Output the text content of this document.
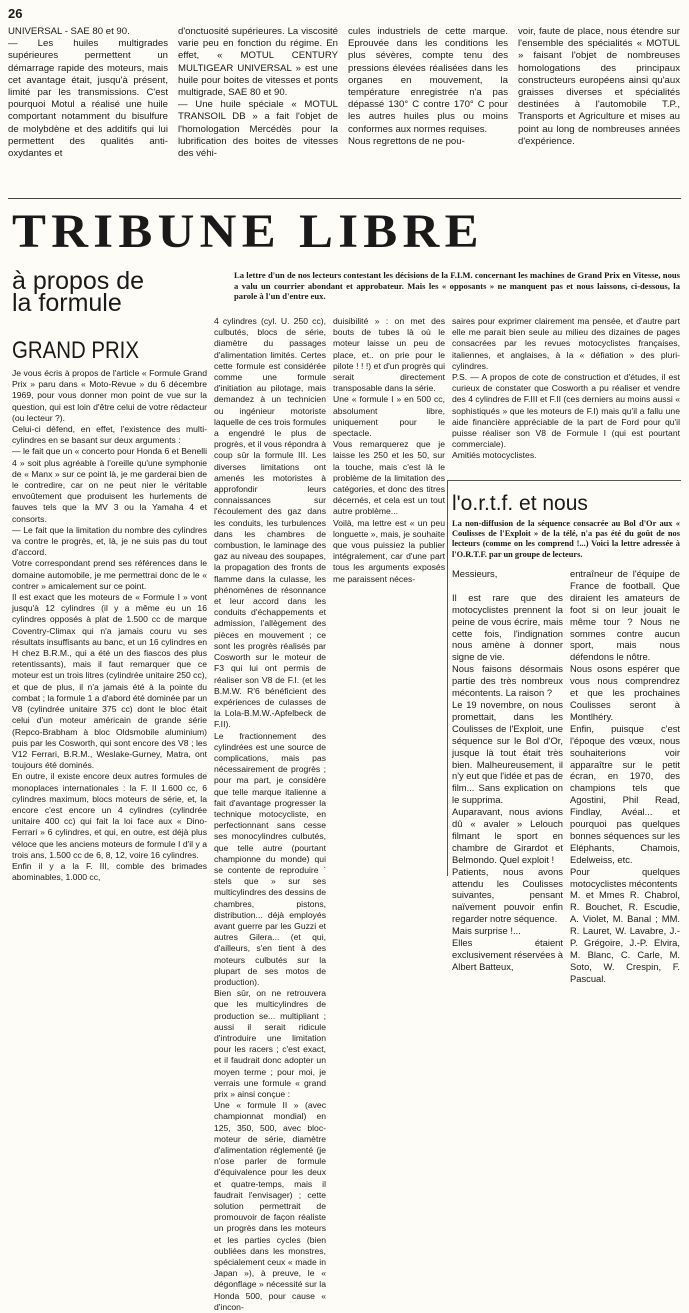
26
UNIVERSAL - SAE 80 et 90.
— Les huiles multigrades supérieures permettent un démarrage rapide des moteurs, mais cet avantage était, jusqu'à présent, limité par les transmissions. C'est pourquoi Motul a réalisé une huile comportant notamment du bisulfure de molybdène et des additifs qui lui permettent des qualités anti-oxydantes et
d'onctuosité supérieures. La viscosité varie peu en fonction du régime. En effet, « MOTUL CENTURY MULTIGEAR UNIVERSAL » est une huile pour boites de vitesses et ponts multigrade, SAE 80 et 90.
— Une huile spéciale « MOTUL TRANSOIL DB » a fait l'objet de l'homologation Mercédès pour la lubrification des boites de vitesses des véhi-
cules industriels de cette marque. Eprouvée dans les conditions les plus sévères, compte tenu des pressions élevées réalisées dans les organes en mouvement, la température enregistrée n'a pas dépassé 130° C contre 170° C pour les autres huiles plus ou moins conformes aux normes requises.
Nous regrettons de ne pou-
voir, faute de place, nous étendre sur l'ensemble des spécialités « MOTUL » faisant l'objet de nombreuses homologations des principaux constructeurs européens ainsi qu'aux graisses diverses et spécialités destinées à l'automobile T.P., Transports et Agriculture et mises au point au long de nombreuses années d'expérience.
TRIBUNE LIBRE
à propos de la formule
GRAND PRIX
La lettre d'un de nos lecteurs contestant les décisions de la F.I.M. concernant les machines de Grand Prix en Vitesse, nous a valu un courrier abondant et approbateur. Mais les « opposants » ne manquent pas et nous laissons, ci-dessous, la parole à l'un d'entre eux.
Je vous écris à propos de l'article « Formule Grand Prix » paru dans « Moto-Revue » du 6 décembre 1969, pour vous donner mon point de vue sur la question, qui est loin d'être celui de votre rédacteur (ou lecteur ?).
Celui-ci défend, en effet, l'existence des multi-cylindres en se basant sur deux arguments :
— le fait que un « concerto pour Honda 6 et Benelli 4 » soit plus agréable à l'oreille qu'une symphonie de « Manx » sur ce point là, je me garderai bien de le contredire, car on ne peut nier le véritable envoûtement que produisent les hurlements de fauves tels que la MV 3 ou la Yamaha 4 et consorts.
— Le fait que la limitation du nombre des cylindres va contre le progrès, et, là, je ne suis pas du tout d'accord.
Votre correspondant prend ses références dans le domaine automobile, je me permettrai donc de le « contrer » amicalement sur ce point.
Il est exact que les moteurs de « Formule I » vont jusqu'à 12 cylindres (il y a même eu un 16 cylindres opposés à plat de 1.500 cc de marque Coventry-Climax qui n'a jamais couru vu ses résultats insuffisants au banc, et un 16 cylindres en H chez B.R.M., qui a été un des fiascos des plus retentissants), mais il faut remarquer que ce moteur est un trois litres (cylindrée unitaire 250 cc), et que de plus, il n'a jamais été à la pointe du combat ; la formule 1 a d'abord été dominée par un V8 (cylindrée unitaire 375 cc) dont le bloc était celui d'un moteur américain de grande série (Repco-Brabham à bloc Oldsmobile aluminium) puis par les Cosworth, qui sont encore des V8 ; les V12 Ferrari, B.R.M., Weslake-Gurney, Matra, ont toujours été dominés.
En outre, il existe encore deux autres formules de monoplaces internationales : la F. II 1.600 cc, 6 cylindres maximum, blocs moteurs de série, et, la encore c'est encore un 4 cylindres (cylindrée unitaire 400 cc) qui fait la loi face aux « Dino-Ferrari » 6 cylindres, et qui, en outre, est déjà plus véloce que les anciens moteurs de formule I d'il y a trois ans, 1.500 cc de 6, 8, 12, voire 16 cylindres.
Enfin il y a la F. III, comble des brimades abominables, 1.000 cc,
4 cylindres (cyl. U. 250 cc), culbutés, blocs de série, diamètre du passages d'alimentation limités. Certes cette formule est considérée comme une formule d'initiation au pilotage, mais demandez à un technicien ou ingénieur motoriste laquelle de ces trois formules a engendré le plus de progrès, et il vous répondra à coup sûr la formule III. Les diverses limitations ont amenés les motoristes à approfondir leurs connaissances sur l'écoulement des gaz dans les conduits, les turbulences dans les chambres de combustion, le laminage des gaz au niveau des soupapes, la propagation des fronts de flamme dans la culasse, les phénomènes de résonnance et leur accord dans les conduits d'échappements et admission, l'allègement des pièces en mouvement ; ce sont les progrès réalisés par Cosworth sur le moteur de F3 qui lui ont permis de réaliser son V8 de F.I. (et les B.M.W. R'6 bénéficient des expériences de culasses de la Lola-B.M.W.-Apfelbeck de F.II).
Le fractionnement des cylindrées est une source de complications, mais pas nécessairement de progrès ; pour ma part, je considère que telle marque italienne a fait d'avantage progresser la technique motocycliste, en perfectionnant sans cesse ses monocylindres culbutés, que telle autre (pourtant championne du monde) qui se contente de reproduire ` stels que » sur ses multicylindres des dessins de chambres, pistons, distribution... déjà employés avant guerre par les Guzzi et autres Gilera... (et qui, d'ailleurs, s'en tient à des moteurs culbutés sur la plupart de ses motos de production).
Bien sûr, on ne retrouvera que les multicylindres de production se... multipliant ; aussi il serait ridicule d'introduire une limitation pour les racers ; c'est exact, et il faudrait donc adopter un moyen terme ; pour moi, je verrais une formule « grand prix » ainsi conçue :
Une « formule II » (avec championnat mondial) en 125, 350, 500, avec bloc-moteur de série, diamètre d'alimentation réglementé (je n'ose parler de formule d'équivalence pour les deux et quatre-temps, mais il faudrait l'envisager) ; cette solution permettrait de promouvoir de façon réaliste un progrès dans les moteurs et les parties cycles (bien oubliées dans les monstres, spécialement ceux « made in Japan »), à preuve, le « dégonflage » nécessité sur la Honda 500, pour cause « d'incon-
duisibilité » : on met des bouts de tubes là où le moteur laisse un peu de place, et.. on prie pour le pilote ! ! !) et d'un progrès qui serait directement transposable dans la série.
Une « formule I » en 500 cc, absolument libre, uniquement pour le spectacle.
Vous remarquerez que je laisse les 250 et les 50, sur la touche, mais c'est là le problème de la limitation des catégories, et donc des titres décernés, et cela est un tout autre problème...
Voilà, ma lettre est « un peu longuette », mais, je souhaite que vous puissiez la publier intégralement, car d'une part tous les arguments exposés me paraissent néces-
saires pour exprimer clairement ma pensée, et d'autre part elle me parait bien seule au milieu des dizaines de pages consacrées par les revues motocyclistes françaises, italiennes, et anglaises, à la « défiation » des pluri-cylindres.
P.S. — A propos de cote de construction et d'études, il est curieux de constater que Cosworth a pu réaliser et vendre des 4 cylindres de F.III et F.II (ces derniers au moins aussi « sophistiqués » que les moteurs de F.I) mais qu'il a fallu une aide financière appréciable de la part de Ford pour qu'il puisse réaliser son V8 de Formule I (qui est pourtant commerciale).
Amitiés motocyclistes.
l'o.r.t.f. et nous
La non-diffusion de la séquence consacrée au Bol d'Or aux « Coulisses de l'Exploit » de la télé, n'a pas été du goût de nos lecteurs (comme on les comprend !...) Voici la lettre adressée à l'O.R.T.F. par un groupe de lecteurs.
Messieurs,

Il est rare que des motocyclistes prennent la peine de vous écrire, mais cette fois, l'indignation nous amène à donner signe de vie.
Nous faisons désormais partie des très nombreux mécontents. La raison ?
Le 19 novembre, on nous promettait, dans les Coulisses de l'Exploit, une séquence sur le Bol d'Or, jusque là tout était très bien. Malheureusement, il n'y eut que l'idée et pas de film... Sans explication on le supprima.
Auparavant, nous avions dû « avaler » Lelouch filmant le sport en chambre de Girardot et Belmondo. Quel exploit !
Patients, nous avons attendu les Coulisses suivantes, pensant naïvement pouvoir enfin regarder notre séquence.
Mais surprise !...
Elles étaient exclusivement réservées à Albert Batteux,
entraîneur de l'équipe de France de football. Que diraient les amateurs de foot si on leur jouait le même tour ? Nous ne sommes contre aucun sport, mais nous défendons le nôtre.
Nous osons espérer que vous nous comprendrez et que les prochaines Coulisses seront à Montlhéry.
Enfin, puisque c'est l'époque des vœux, nous souhaiterions voir apparaître sur le petit écran, en 1970, des champions tels que Agostini, Phil Read, Findlay, Avéal... et pourquoi pas quelques bonnes séquences sur les Eléphants, Chamois, Edelweiss, etc.
Pour quelques motocyclistes mécontents
M. et Mmes R. Chabrol, R. Bouchet, R. Escudie, A. Violet, M. Banal ; MM. R. Lauret, W. Lavabre, J.-P. Grégoire, J.-P. Elvira, M. Blanc, C. Carle, M. Soto, W. Crespin, F. Pascual.
